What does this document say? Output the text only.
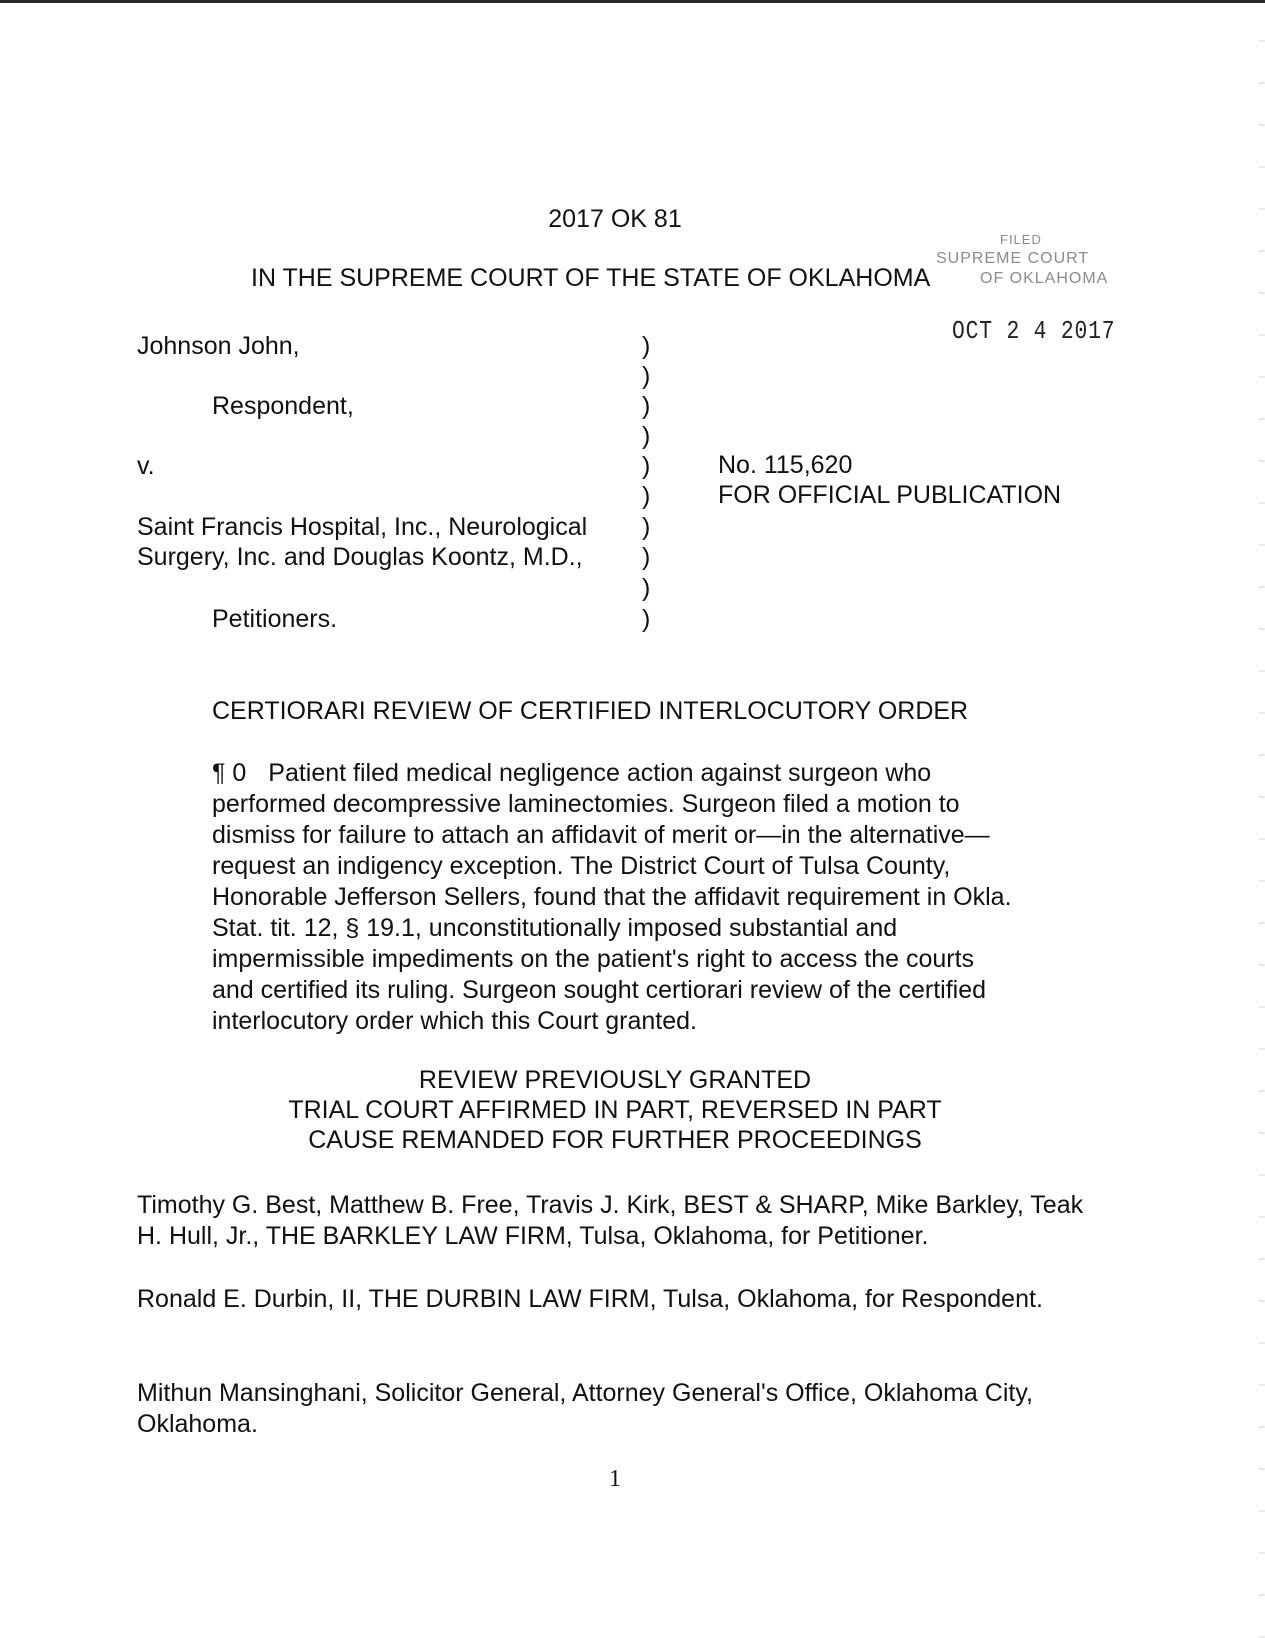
2017 OK 81
IN THE SUPREME COURT OF THE STATE OF OKLAHOMA
FILED
SUPREME COURT
OF OKLAHOMA
OCT 2 4 2017
Johnson John,
Respondent,
v.
Saint Francis Hospital, Inc., Neurological
Surgery, Inc. and Douglas Koontz, M.D.,
Petitioners.
)
)
)
)
)
)
)
)
)
)
No. 115,620
FOR OFFICIAL PUBLICATION
CERTIORARI REVIEW OF CERTIFIED INTERLOCUTORY ORDER
¶ 0 Patient filed medical negligence action against surgeon who performed decompressive laminectomies. Surgeon filed a motion to dismiss for failure to attach an affidavit of merit or—in the alternative—request an indigency exception. The District Court of Tulsa County, Honorable Jefferson Sellers, found that the affidavit requirement in Okla. Stat. tit. 12, § 19.1, unconstitutionally imposed substantial and impermissible impediments on the patient's right to access the courts and certified its ruling. Surgeon sought certiorari review of the certified interlocutory order which this Court granted.
REVIEW PREVIOUSLY GRANTED
TRIAL COURT AFFIRMED IN PART, REVERSED IN PART
CAUSE REMANDED FOR FURTHER PROCEEDINGS
Timothy G. Best, Matthew B. Free, Travis J. Kirk, BEST & SHARP, Mike Barkley, Teak H. Hull, Jr., THE BARKLEY LAW FIRM, Tulsa, Oklahoma, for Petitioner.
Ronald E. Durbin, II, THE DURBIN LAW FIRM, Tulsa, Oklahoma, for Respondent.
Mithun Mansinghani, Solicitor General, Attorney General's Office, Oklahoma City, Oklahoma.
1
